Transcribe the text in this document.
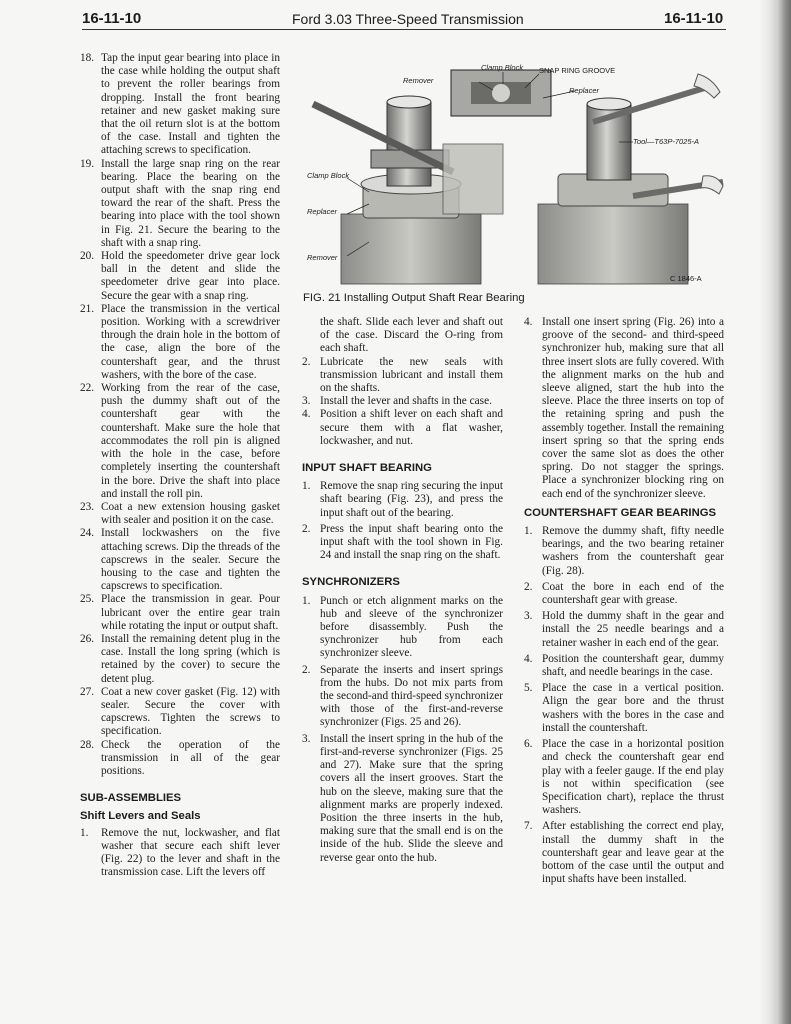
16-11-10	Ford 3.03 Three-Speed Transmission	16-11-10

18. Tap the input gear bearing into place in the case while holding the output shaft to prevent the roller bearings from dropping. Install the front bearing retainer and new gasket making sure that the oil return slot is at the bottom of the case. Install and tighten the attaching screws to specification.

19. Install the large snap ring on the rear bearing. Place the bearing on the output shaft with the snap ring end toward the rear of the shaft. Press the bearing into place with the tool shown in Fig. 21. Secure the bearing to the shaft with a snap ring.

20. Hold the speedometer drive gear lock ball in the detent and slide the speedometer drive gear into place. Secure the gear with a snap ring.

21. Place the transmission in the vertical position. Working with a screwdriver through the drain hole in the bottom of the case, align the bore of the countershaft gear, and the thrust washers, with the bore of the case.

22. Working from the rear of the case, push the dummy shaft out of the countershaft gear with the countershaft. Make sure the hole that accommodates the roll pin is aligned with the hole in the case, before completely inserting the countershaft in the bore. Drive the shaft into place and install the roll pin.

23. Coat a new extension housing gasket with sealer and position it on the case.

24. Install lockwashers on the five attaching screws. Dip the threads of the capscrews in the sealer. Secure the housing to the case and tighten the capscrews to specification.

25. Place the transmission in gear. Pour lubricant over the entire gear train while rotating the input or output shaft.

26. Install the remaining detent plug in the case. Install the long spring (which is retained by the cover) to secure the detent plug.

27. Coat a new cover gasket (Fig. 12) with sealer. Secure the cover with capscrews. Tighten the screws to specification.

28. Check the operation of the transmission in all of the gear positions.

SUB-ASSEMBLIES
Shift Levers and Seals

1. Remove the nut, lockwasher, and flat washer that secure each shift lever (Fig. 22) to the lever and shaft in the transmission case. Lift the levers off

Clamp Block
Remover
SNAP RING GROOVE
Replacer
Tool—T63P-7025-A
Clamp Block
Replacer
Remover
C 1846-A
FIG. 21 Installing Output Shaft Rear Bearing

the shaft. Slide each lever and shaft out of the case. Discard the O-ring from each shaft.

2. Lubricate the new seals with transmission lubricant and install them on the shafts.

3. Install the lever and shafts in the case.

4. Position a shift lever on each shaft and secure them with a flat washer, lockwasher, and nut.

INPUT SHAFT BEARING

1. Remove the snap ring securing the input shaft bearing (Fig. 23), and press the input shaft out of the bearing.

2. Press the input shaft bearing onto the input shaft with the tool shown in Fig. 24 and install the snap ring on the shaft.

SYNCHRONIZERS

1. Punch or etch alignment marks on the hub and sleeve of the synchronizer before disassembly. Push the synchronizer hub from each synchronizer sleeve.

2. Separate the inserts and insert springs from the hubs. Do not mix parts from the second-and third-speed synchronizer with those of the first-and-reverse synchronizer (Figs. 25 and 26).

3. Install the insert spring in the hub of the first-and-reverse synchronizer (Figs. 25 and 27). Make sure that the spring covers all the insert grooves. Start the hub on the sleeve, making sure that the alignment marks are properly indexed. Position the three inserts in the hub, making sure that the small end is on the inside of the hub. Slide the sleeve and reverse gear onto the hub.

4. Install one insert spring (Fig. 26) into a groove of the second- and third-speed synchronizer hub, making sure that all three insert slots are fully covered. With the alignment marks on the hub and sleeve aligned, start the hub into the sleeve. Place the three inserts on top of the retaining spring and push the assembly together. Install the remaining insert spring so that the spring ends cover the same slot as does the other spring. Do not stagger the springs. Place a synchronizer blocking ring on each end of the synchronizer sleeve.

COUNTERSHAFT GEAR BEARINGS

1. Remove the dummy shaft, fifty needle bearings, and the two bearing retainer washers from the countershaft gear (Fig. 28).

2. Coat the bore in each end of the countershaft gear with grease.

3. Hold the dummy shaft in the gear and install the 25 needle bearings and a retainer washer in each end of the gear.

4. Position the countershaft gear, dummy shaft, and needle bearings in the case.

5. Place the case in a vertical position. Align the gear bore and the thrust washers with the bores in the case and install the countershaft.

6. Place the case in a horizontal position and check the countershaft gear end play with a feeler gauge. If the end play is not within specification (see Specification chart), replace the thrust washers.

7. After establishing the correct end play, install the dummy shaft in the countershaft gear and leave gear at the bottom of the case until the output and input shafts have been installed.
